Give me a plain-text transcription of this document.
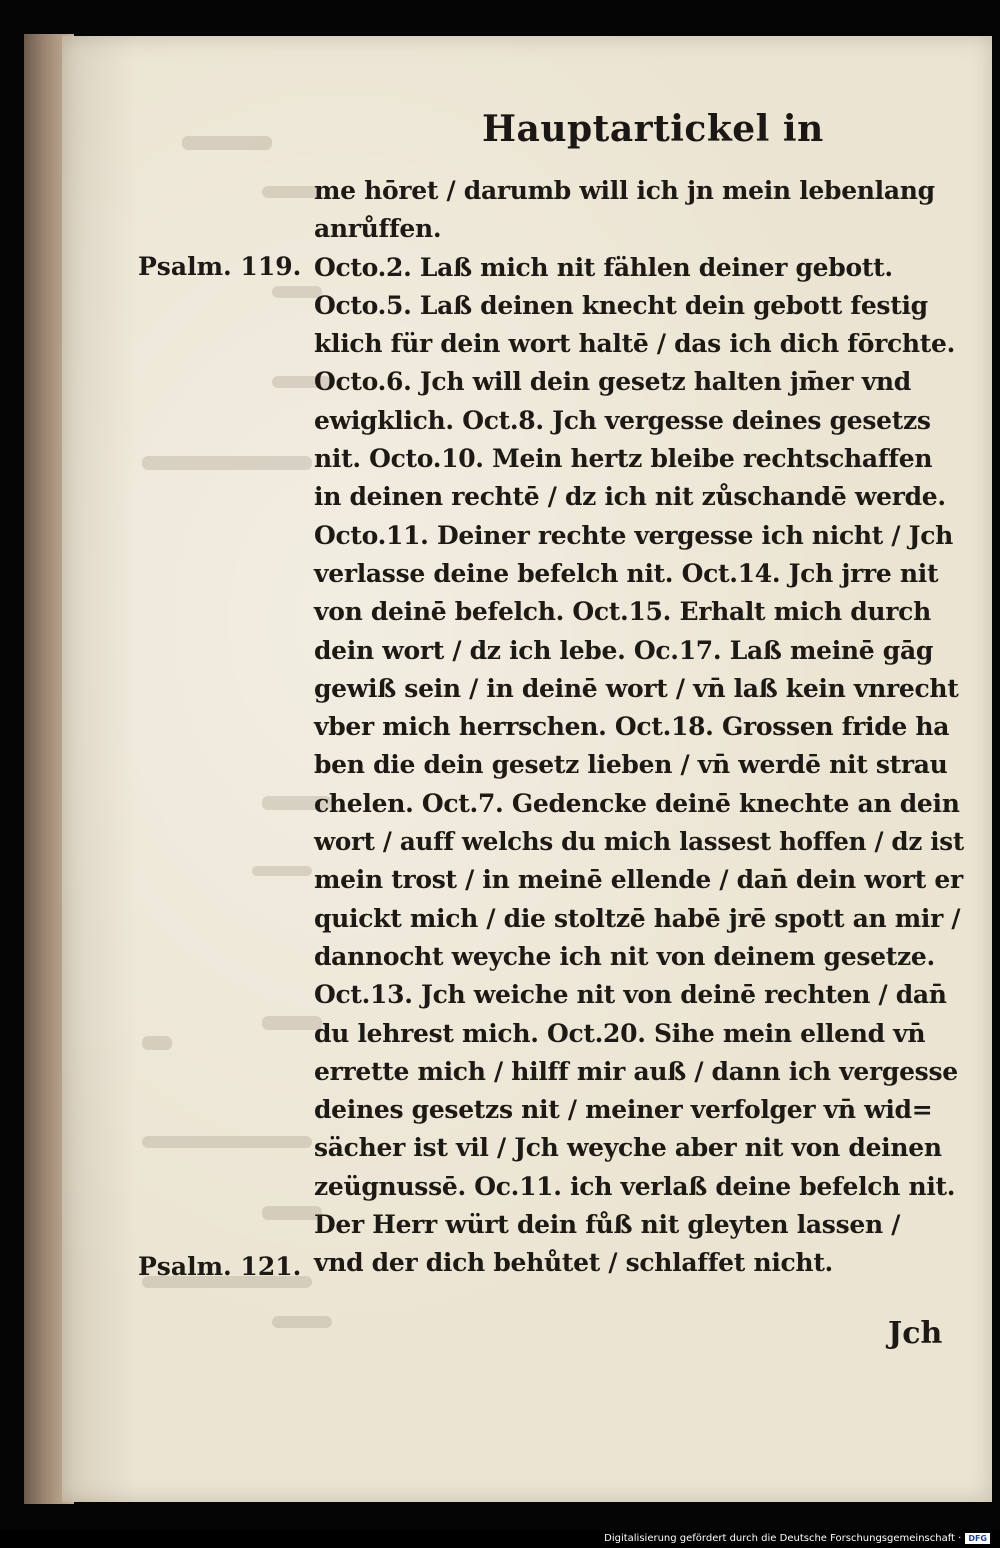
Hauptartickel in
Psalm. 119.
Psalm. 121.
me hōret / darumb will ich jn mein lebenlang
anrůffen.
Octo.2. Laß mich nit fählen deiner gebott.
Octo.5. Laß deinen knecht dein gebott festig
klich für dein wort haltē / das ich dich fōrchte.
Octo.6. Jch will dein gesetz halten jm̄er vnd
ewigklich. Oct.8. Jch vergesse deines gesetzs
nit. Octo.10. Mein hertz bleibe rechtschaffen
in deinen rechtē / dz ich nit zůschandē werde.
Octo.11. Deiner rechte vergesse ich nicht / Jch
verlasse deine befelch nit. Oct.14. Jch jrre nit
von deinē befelch. Oct.15. Erhalt mich durch
dein wort / dz ich lebe. Oc.17. Laß meinē gāg
gewiß sein / in deinē wort / vn̄ laß kein vnrecht
vber mich herrschen. Oct.18. Grossen fride ha
ben die dein gesetz lieben / vn̄ werdē nit strau
chelen. Oct.7. Gedencke deinē knechte an dein
wort / auff welchs du mich lassest hoffen / dz ist
mein trost / in meinē ellende / dan̄ dein wort er
quickt mich / die stoltzē habē jrē spott an mir /
dannocht weyche ich nit von deinem gesetze.
Oct.13. Jch weiche nit von deinē rechten / dan̄
du lehrest mich. Oct.20. Sihe mein ellend vn̄
errette mich / hilff mir auß / dann ich vergesse
deines gesetzs nit / meiner verfolger vn̄ wid=
sächer ist vil / Jch weyche aber nit von deinen
zeügnussē. Oc.11. ich verlaß deine befelch nit.
Der Herr würt dein fůß nit gleyten lassen /
vnd der dich behůtet / schlaffet nicht.
Jch
Digitalisierung gefördert durch die Deutsche Forschungsgemeinschaft · DFG
